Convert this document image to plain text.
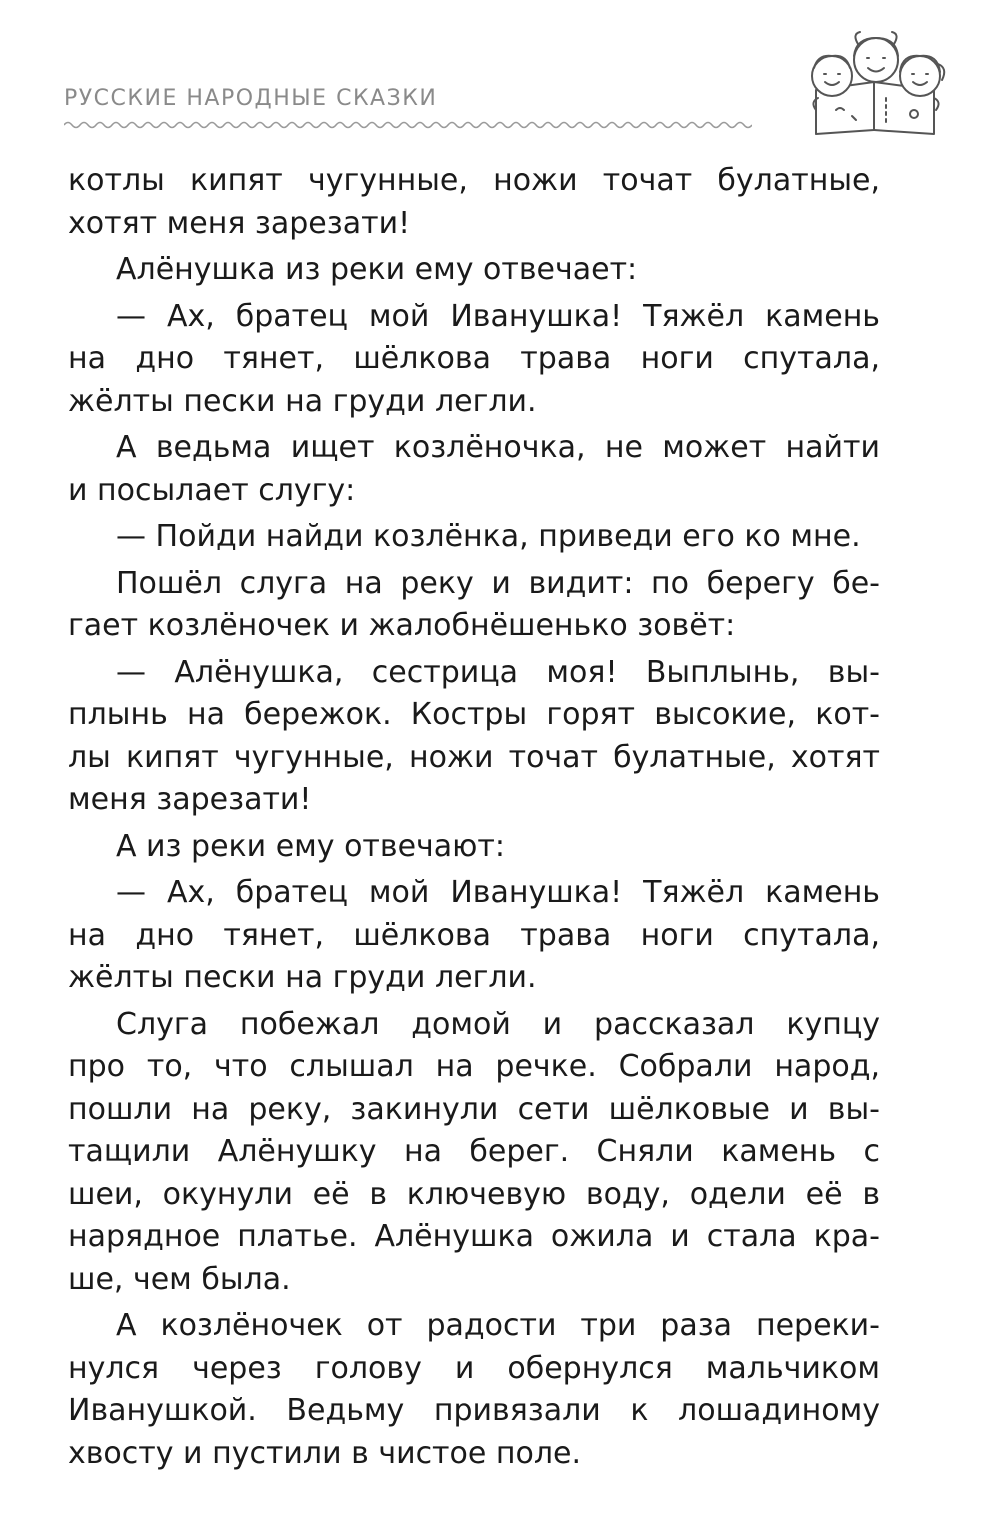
РУССКИЕ НАРОДНЫЕ СКАЗКИ
котлы кипят чугунные, ножи точат булатные,
хотят меня зарезати!
Алёнушка из реки ему отвечает:
— Ах, братец мой Иванушка! Тяжёл камень
на дно тянет, шёлкова трава ноги спутала,
жёлты пески на груди легли.
А ведьма ищет козлёночка, не может найти
и посылает слугу:
— Пойди найди козлёнка, приведи его ко мне.
Пошёл слуга на реку и видит: по берегу бе-
гает козлёночек и жалобнёшенько зовёт:
— Алёнушка, сестрица моя! Выплынь, вы-
плынь на бережок. Костры горят высокие, кот-
лы кипят чугунные, ножи точат булатные, хотят
меня зарезати!
А из реки ему отвечают:
— Ах, братец мой Иванушка! Тяжёл камень
на дно тянет, шёлкова трава ноги спутала,
жёлты пески на груди легли.
Слуга побежал домой и рассказал купцу
про то, что слышал на речке. Собрали народ,
пошли на реку, закинули сети шёлковые и вы-
тащили Алёнушку на берег. Сняли камень с
шеи, окунули её в ключевую воду, одели её в
нарядное платье. Алёнушка ожила и стала кра-
ше, чем была.
А козлёночек от радости три раза переки-
нулся через голову и обернулся мальчиком
Иванушкой. Ведьму привязали к лошадиному
хвосту и пустили в чистое поле.
